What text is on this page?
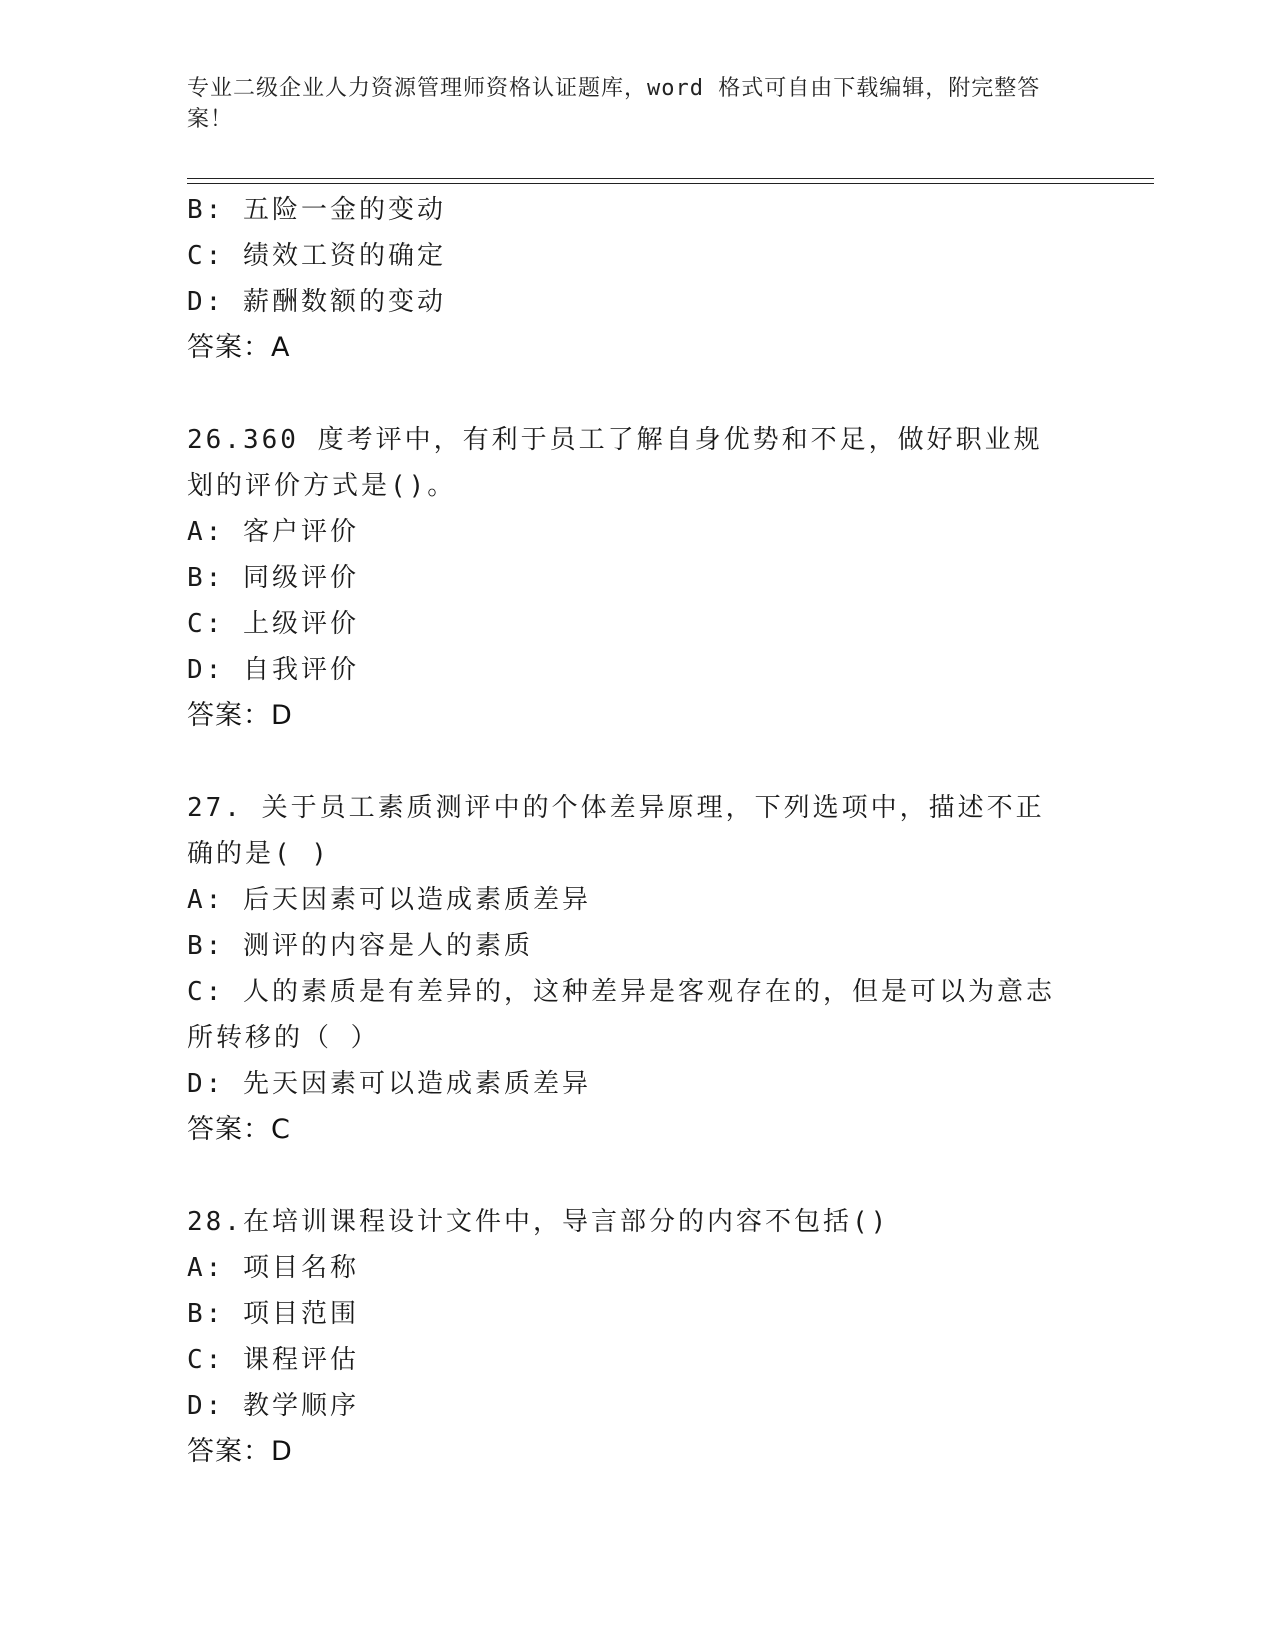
专业二级企业人力资源管理师资格认证题库，word 格式可自由下载编辑，附完整答案！
B: 五险一金的变动
C: 绩效工资的确定
D: 薪酬数额的变动
答案：A
26.360 度考评中，有利于员工了解自身优势和不足，做好职业规划的评价方式是()。
A: 客户评价
B: 同级评价
C: 上级评价
D: 自我评价
答案：D
27. 关于员工素质测评中的个体差异原理，下列选项中，描述不正确的是( )
A: 后天因素可以造成素质差异
B: 测评的内容是人的素质
C: 人的素质是有差异的，这种差异是客观存在的，但是可以为意志所转移的（ ）
D: 先天因素可以造成素质差异
答案：C
28.在培训课程设计文件中，导言部分的内容不包括()
A: 项目名称
B: 项目范围
C: 课程评估
D: 教学顺序
答案：D
